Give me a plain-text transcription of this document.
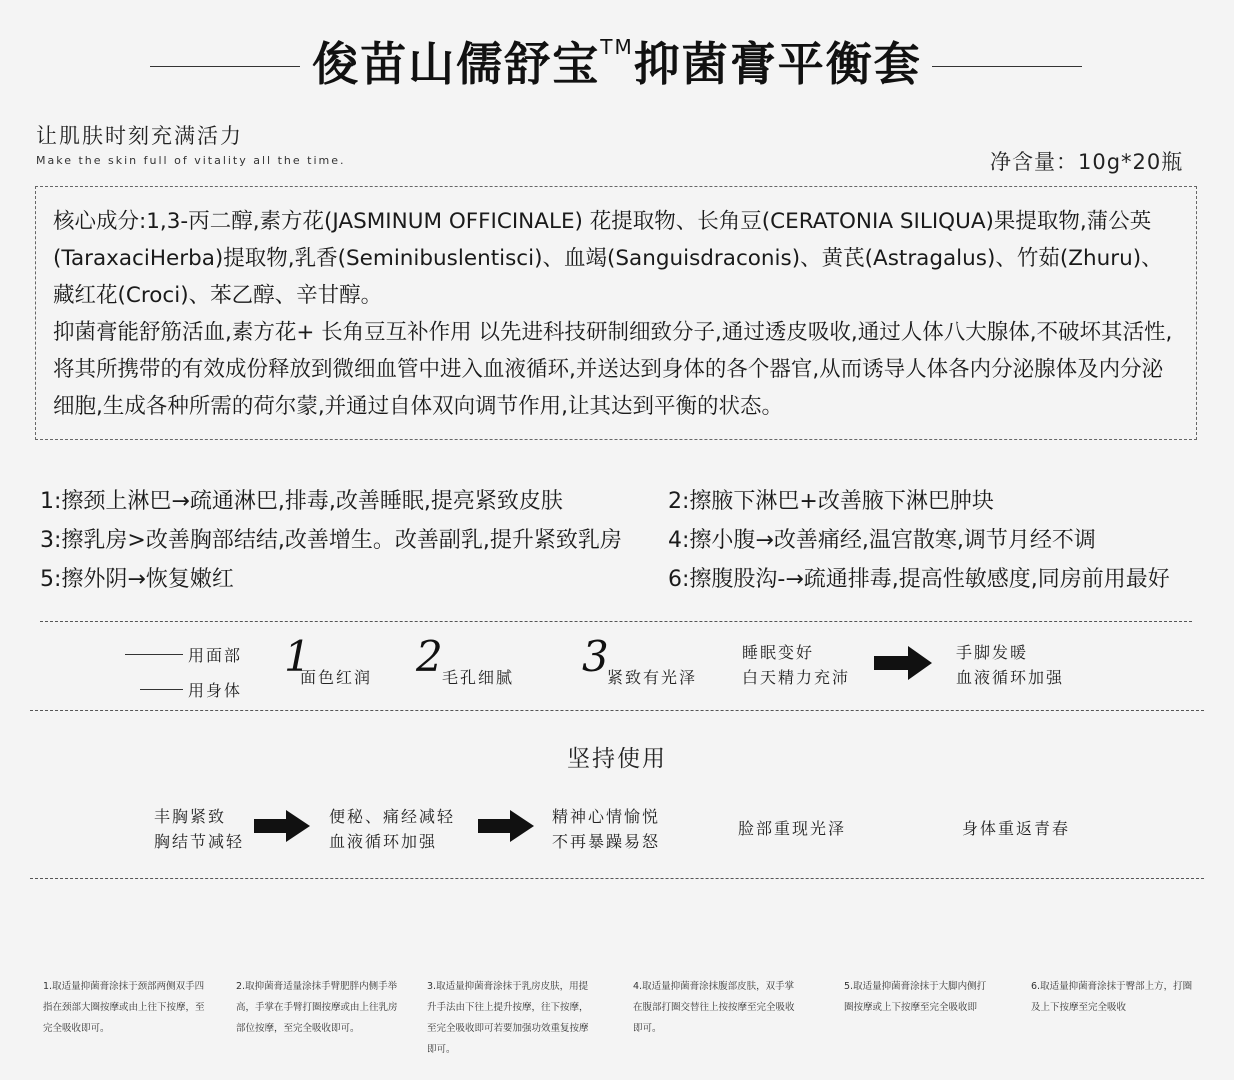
俊苗山儒舒宝™抑菌膏平衡套
让肌肤时刻充满活力
Make the skin full of vitality all the time.	净含量：10g*20瓶

核心成分:1,3-丙二醇,素方花(JASMINUM OFFICINALE) 花提取物、长角豆(CERATONIA SILIQUA)果提取物,蒲公英(TaraxaciHerba)提取物,乳香(Seminibuslentisci)、血竭(Sanguisdraconis)、黄芪(Astragalus)、竹茹(Zhuru)、藏红花(Croci)、苯乙醇、辛甘醇。

抑菌膏能舒筋活血,素方花+ 长角豆互补作用 以先进科技研制细致分子,通过透皮吸收,通过人体八大腺体,不破坏其活性,将其所携带的有效成份释放到微细血管中进入血液循环,并送达到身体的各个器官,从而诱导人体各内分泌腺体及内分泌细胞,生成各种所需的荷尔蒙,并通过自体双向调节作用,让其达到平衡的状态。

1:擦颈上淋巴→疏通淋巴,排毒,改善睡眠,提亮紧致皮肤	2:擦腋下淋巴+改善腋下淋巴肿块
3:擦乳房>改善胸部结结,改善增生。改善副乳,提升紧致乳房 4:擦小腹→改善痛经,温宫散寒,调节月经不调
5:擦外阴→恢复嫩红	6:擦腹股沟-→疏通排毒,提高性敏感度,同房前用最好
用面部
用身体
1
面色红润 2 毛孔细腻 3
紧致有光泽
睡眠变好
白天精力充沛
手脚发暖
血液循环加强
坚持使用
丰胸紧致
胸结节减轻
便秘、痛经减轻
血液循环加强
精神心情愉悦
不再暴躁易怒
脸部重现光泽	身体重返青春
1.取适量抑菌膏涂抹于颈部两侧双手四指在颈部大圈按摩或由上往下按摩，至完全吸收即可。
2.取抑菌膏适量涂抹手臂肥胖内侧手举高，手掌在手臂打圈按摩或由上往乳房部位按摩，至完全吸收即可。
3.取适量抑菌膏涂抹于乳房皮肤，用提升手法由下往上提升按摩，往下按摩，至完全吸收即可若要加强功效重复按摩即可。
4.取适量抑菌膏涂抹腹部皮肤，双手掌在腹部打圈交替往上按按摩至完全吸收即可。
5.取适量抑菌膏涂抹于大脚内侧打圈按摩或上下按摩至完全吸收即
6.取适量抑菌膏涂抹于臀部上方，打圈及上下按摩至完全吸收
